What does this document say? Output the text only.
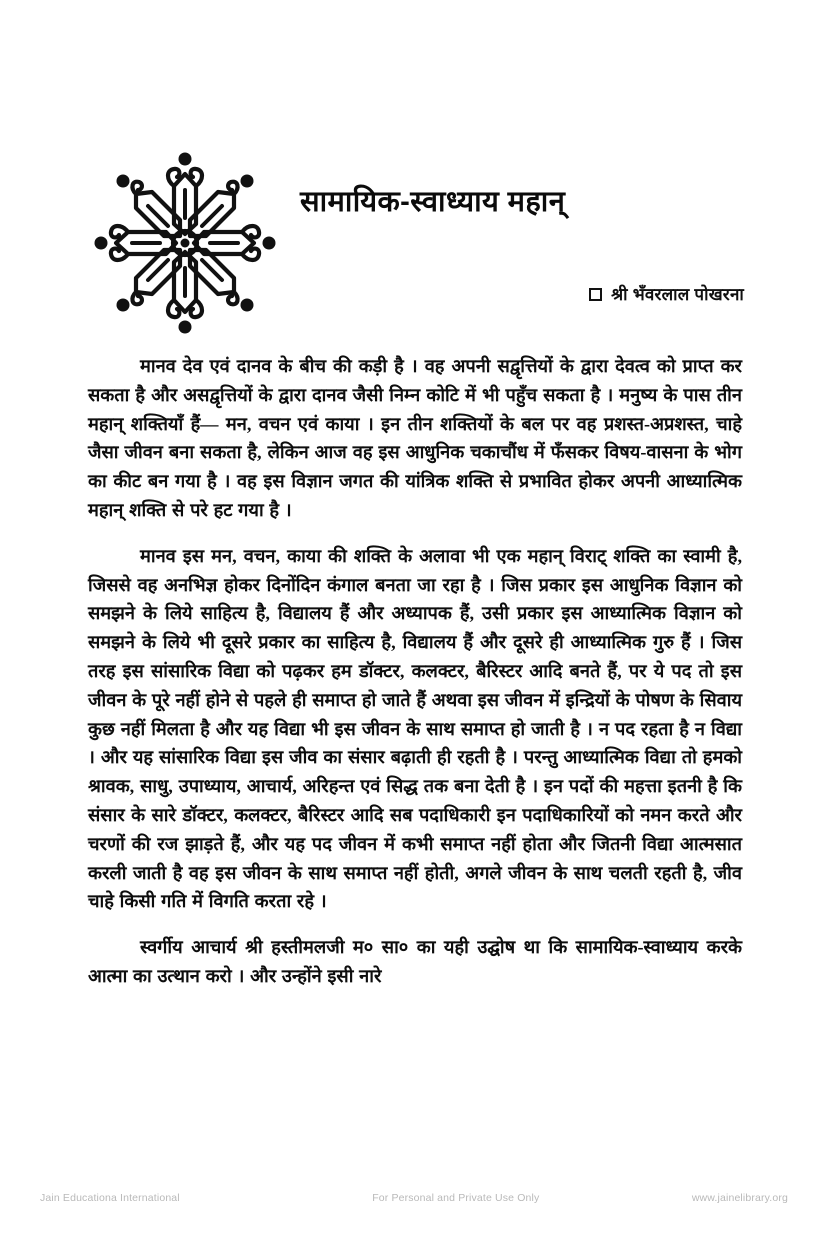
सामायिक-स्वाध्याय महान्
श्री भँवरलाल पोखरना

मानव देव एवं दानव के बीच की कड़ी है । वह अपनी सद्वृत्तियों के द्वारा देवत्व को प्राप्त कर सकता है और असद्वृत्तियों के द्वारा दानव जैसी निम्न कोटि में भी पहुँच सकता है । मनुष्य के पास तीन महान् शक्तियाँ हैं— मन, वचन एवं काया । इन तीन शक्तियों के बल पर वह प्रशस्त-अप्रशस्त, चाहे जैसा जीवन बना सकता है, लेकिन आज वह इस आधुनिक चकाचौंध में फँसकर विषय-वासना के भोग का कीट बन गया है । वह इस विज्ञान जगत की यांत्रिक शक्ति से प्रभावित होकर अपनी आध्यात्मिक महान् शक्ति से परे हट गया है ।

मानव इस मन, वचन, काया की शक्ति के अलावा भी एक महान् विराट् शक्ति का स्वामी है, जिससे वह अनभिज्ञ होकर दिनोंदिन कंगाल बनता जा रहा है । जिस प्रकार इस आधुनिक विज्ञान को समझने के लिये साहित्य है, विद्यालय हैं और अध्यापक हैं, उसी प्रकार इस आध्यात्मिक विज्ञान को समझने के लिये भी दूसरे प्रकार का साहित्य है, विद्यालय हैं और दूसरे ही आध्यात्मिक गुरु हैं । जिस तरह इस सांसारिक विद्या को पढ़कर हम डॉक्टर, कलक्टर, बैरिस्टर आदि बनते हैं, पर ये पद तो इस जीवन के पूरे नहीं होने से पहले ही समाप्त हो जाते हैं अथवा इस जीवन में इन्द्रियों के पोषण के सिवाय कुछ नहीं मिलता है और यह विद्या भी इस जीवन के साथ समाप्त हो जाती है । न पद रहता है न विद्या । और यह सांसारिक विद्या इस जीव का संसार बढ़ाती ही रहती है । परन्तु आध्यात्मिक विद्या तो हमको श्रावक, साधु, उपाध्याय, आचार्य, अरिहन्त एवं सिद्ध तक बना देती है । इन पदों की महत्ता इतनी है कि संसार के सारे डॉक्टर, कलक्टर, बैरिस्टर आदि सब पदाधिकारी इन पदाधिकारियों को नमन करते और चरणों की रज झाड़ते हैं, और यह पद जीवन में कभी समाप्त नहीं होता और जितनी विद्या आत्मसात करली जाती है वह इस जीवन के साथ समाप्त नहीं होती, अगले जीवन के साथ चलती रहती है, जीव चाहे किसी गति में विगति करता रहे ।

स्वर्गीय आचार्य श्री हस्तीमलजी म० सा० का यही उद्घोष था कि सामायिक-स्वाध्याय करके आत्मा का उत्थान करो । और उन्होंने इसी नारे

Jain Educationa International	For Personal and Private Use Only	www.jainelibrary.org
